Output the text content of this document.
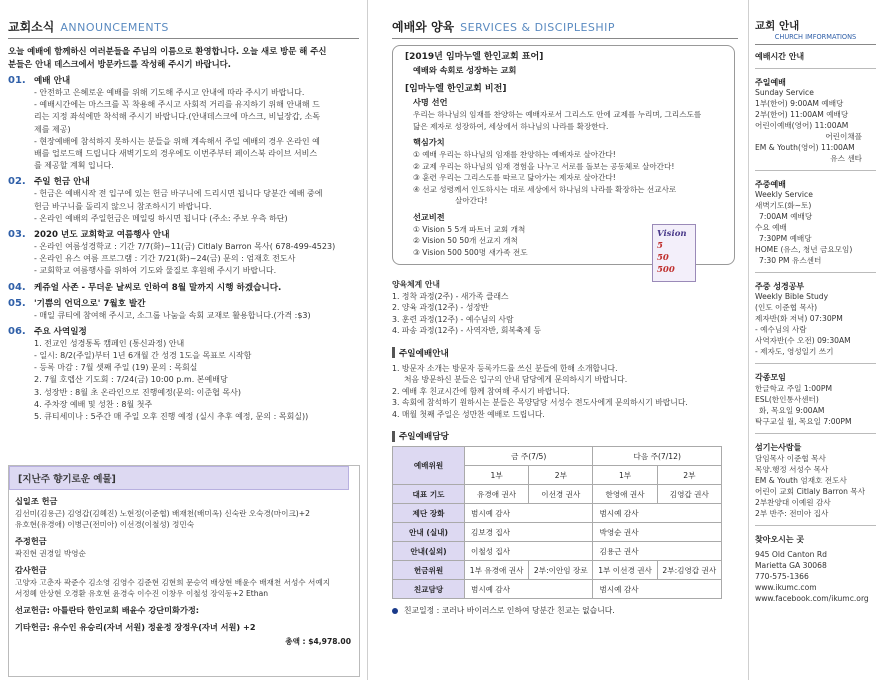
교회소식 ANNOUNCEMENTS
오늘 예배에 함께하신 여러분들을 주님의 이름으로 환영합니다. 오늘 새로 방문 해 주신
분들은 안내 데스크에서 방문카드를 작성해 주시기 바랍니다.
01. 예배 안내
- 안전하고 은혜로운 예배를 위해 기도해 주시고 안내에 따라 주시기 바랍니다.
- 예배시간에는 마스크를 꼭 착용해 주시고 사회적 거리를 유지하기 위해 안내해 드
리는 지정 좌석에만 착석해 주시기 바랍니다.(안내데스크에 마스크, 비닐장갑, 소독
제를 제공)
- 현장예배에 참석하지 못하시는 분들을 위해 계속해서 주일 예배의 경우 온라인 예
배를 업로드해 드립니다 새벽기도의 경우에도 이번주부터 페이스북 라이브 서비스
를 제공할 계획 입니다.
02. 주일 헌금 안내
- 헌금은 예배시작 전 입구에 있는 헌금 바구니에 드리시면 됩니다 당분간 예배 중에
헌금 바구니를 돌리지 않으니 참조하시기 바랍니다.
- 온라인 예배의 주일헌금은 메일링 하시면 됩니다 (주소: 주보 우측 하단)
03. 2020 년도 교회학교 여름행사 안내
- 온라인 여름성경학교 : 기간 7/7(화)~11(금) Citlaly Barron 목사( 678-499-4523)
- 온라인 유스 여름 프로그램 : 기간 7/21(화)~24(금) 문의 : 엄재호 전도사
- 교회학교 여름행사를 위하여 기도와 물질로 후원해 주시기 바랍니다.
04. 케쥬얼 사존 - 무더운 날씨로 인하여 8월 말까지 시행 하겠습니다.
05. '기쁨의 언덕으로' 7월호 발간
- 매일 큐티에 참여해 주시고, 소그룹 나눔을 속회 교재로 활용합니다.(가격 :$3)
06. 주요 사역일정
1. 전교인 성경통독 캠페인 (통신과정) 안내
- 일시: 8/2(주일)부터 1년 6개월 간 성경 1도을 목표로 시작함
- 등록 마감 : 7월 셋째 주일 (19) 문의 : 목회실
2. 7월 호렙산 기도회 : 7/24(금) 10:00 p.m. 본예배당
3. 성장반 : 8월 초 온라인으로 진행예정(문의: 이준협 목사)
4. 주차장 예배 및 성찬 : 8월 첫주
5. 큐티세미나 : 5주간 매 주일 오후 진행 예정 (실시 추후 예정, 문의 : 목회실))
[지난주 향기로운 예물]
십일조 헌금
김선미(김용근) 김영갑(김혜진) 노현정(이준협) 배재천(배미옥) 신숙란 오숙경(마이크)+2
유호현(유경애) 이병근(전미아) 이선경(이철성) 정민숙
주정헌금
곽진현 권경일 박영순
감사헌금
고양자 고춘자 곽준수 김소영 김영수 김준현 김현희 문승억 배상현 배윤수 배재천 서성수 서예지
서정혜 안상현 오경환 유호현 윤경숙 이수진 이창우 이철성 장익동+2 Ethan
선교헌금: 아틀란타 한인교회 배윤수 강단미화가정:
기타헌금: 유수인 유승리(자녀 서원) 정윤정 장정우(자녀 서원) +2
총액 : $4,978.00
예배와 양육 SERVICES & DISCIPLESHIP
[2019년 임마누엘 한인교회 표어]
예배와 속회로 성장하는 교회
[임마누엘 한인교회 비전]
사명 선언
우리는 하나님의 임재를 찬양하는 예배자로서 그리스도 안에 교제를 누리며, 그리스도를
닮은 제자로 성장하여, 세상에서 하나님의 나라를 확장한다.
핵심가치
① 예배 우리는 하나님의 임재를 찬양하는 예배자로 살아간다!
② 교제 우리는 하나님의 임재 경험을 나누고 서로를 돌보는 공동체로 살아간다!
③ 훈련 우리는 그리스도를 따르고 닮아가는 제자로 살아간다!
④ 선교 성령께서 인도하시는 대로 세상에서 하나님의 나라를 확장하는 선교사로
살아간다!
선교비전
① Vision 5 5개 파트너 교회 개척
② Vision 50 50개 선교지 개척
③ Vision 500 500명 새가족 전도
Vision
5
50
500
양육체계 안내
1. 정착 과정(2주) - 새가족 클래스
2. 양육 과정(12주) - 성장반
3. 훈련 과정(12주) - 예수님의 사람
4. 파송 과정(12주) - 사역자반, 회복축제 등
주일예배안내
1. 방문자 소개는 방문자 등록카드를 쓰신 분들에 한해 소개합니다.
처음 방문하신 분들은 입구의 안내 담당에게 문의하시기 바랍니다.
2. 예배 후 친교시간에 함께 참여해 주시기 바랍니다.
3. 속회에 참석하기 원하시는 분들은 목양담당 서성수 전도사에게 문의하시기 바랍니다.
4. 매월 첫째 주일은 성만찬 예배로 드립니다.
주일예배담당
예배위원	금 주(7/5)		다음 주(7/12)	
	1부	2부	1부	2부
대표 기도	유경애 권사	이선경 권사	한영애 권사	김영갑 권사
제단 장화	범시예 감사		범시예 감사	
안내 (실내)	김보경 집사		박영순 권사	
안내(실외)	이철성 집사		김용근 권사	
헌금위원	1부 유경애 권사	2부:이안임 장로	1부 이선경 권사	2부:김영갑 권사
친교담당	범시예 감사		범시예 감사	
친교일정 : 코러나 바이러스로 인하여 당분간 친교는 없습니다.
교회 안내
CHURCH IMFORMATIONS
예배시간 안내
주일예배
Sunday Service
1부(한어) 9:00AM 예배당
2부(한어) 11:00AM 예배당
어린이예배(영어) 11:00AM
어린이채플
EM & Youth(영어) 11:00AM
유스 센타
주중예배
Weekly Service
새벽기도(화~토)
7:00AM 예배당
수요 예배
7:30PM 예배당
HOME (유스, 청년 금요모임)
7:30 PM 유스센터
주중 성경공부
Weekly Bible Study
(인도 이준협 목사)
제자반(화 저녁) 07:30PM
- 예수님의 사람
사역자반(수 오전) 09:30AM
- 제자도, 영성일기 쓰기
각종모임
한글학교 주일 1:00PM
ESL(한인통사센터)
화, 목요일 9:00AM
탁구교실 월, 목요일 7:00PM
섬기는사람들
담임목사 이준협 목사
목양.행정 서성수 목사
EM & Youth 엄재호 전도사
어린이 교회 Citlaly Barron 목사
2부찬양대 이예원 감사
2부 반주: 전미아 집사
찾아오시는 곳
945 Old Canton Rd
Marietta GA 30068
770-575-1366
www.ikumc.com
www.facebook.com/ikumc.org
